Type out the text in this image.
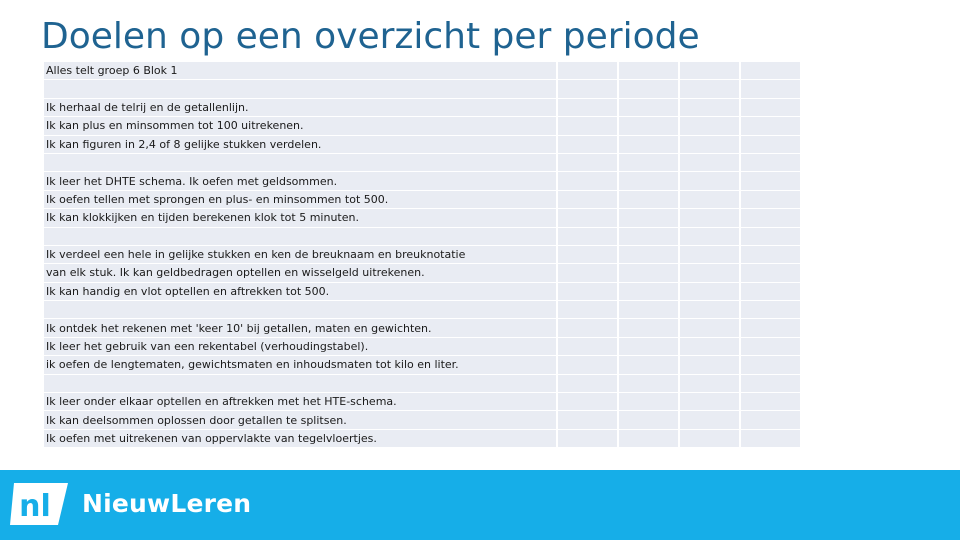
Doelen op een overzicht per periode
Alles telt groep 6 Blok 1				

Ik herhaal de telrij en de getallenlijn.				
Ik kan plus en minsommen tot 100 uitrekenen.				
Ik kan figuren in 2,4 of 8 gelijke stukken verdelen.				

Ik leer het DHTE schema. Ik oefen met geldsommen.				
Ik oefen tellen met sprongen en plus- en minsommen tot 500.				
Ik kan klokkijken en tijden berekenen klok tot 5 minuten.				

Ik verdeel een hele in gelijke stukken en ken de breuknaam en breuknotatie				
van elk stuk. Ik kan geldbedragen optellen en wisselgeld uitrekenen.				
Ik kan handig en vlot optellen en aftrekken tot 500.				

Ik ontdek het rekenen met 'keer 10' bij getallen, maten en gewichten.				
Ik leer het gebruik van een rekentabel (verhoudingstabel).				
ik oefen de lengtematen, gewichtsmaten en inhoudsmaten tot kilo en liter.				

Ik leer onder elkaar optellen en aftrekken met het HTE-schema.				
Ik kan deelsommen oplossen door getallen te splitsen.				
Ik oefen met uitrekenen van oppervlakte van tegelvloertjes.				
nl NieuwLeren
